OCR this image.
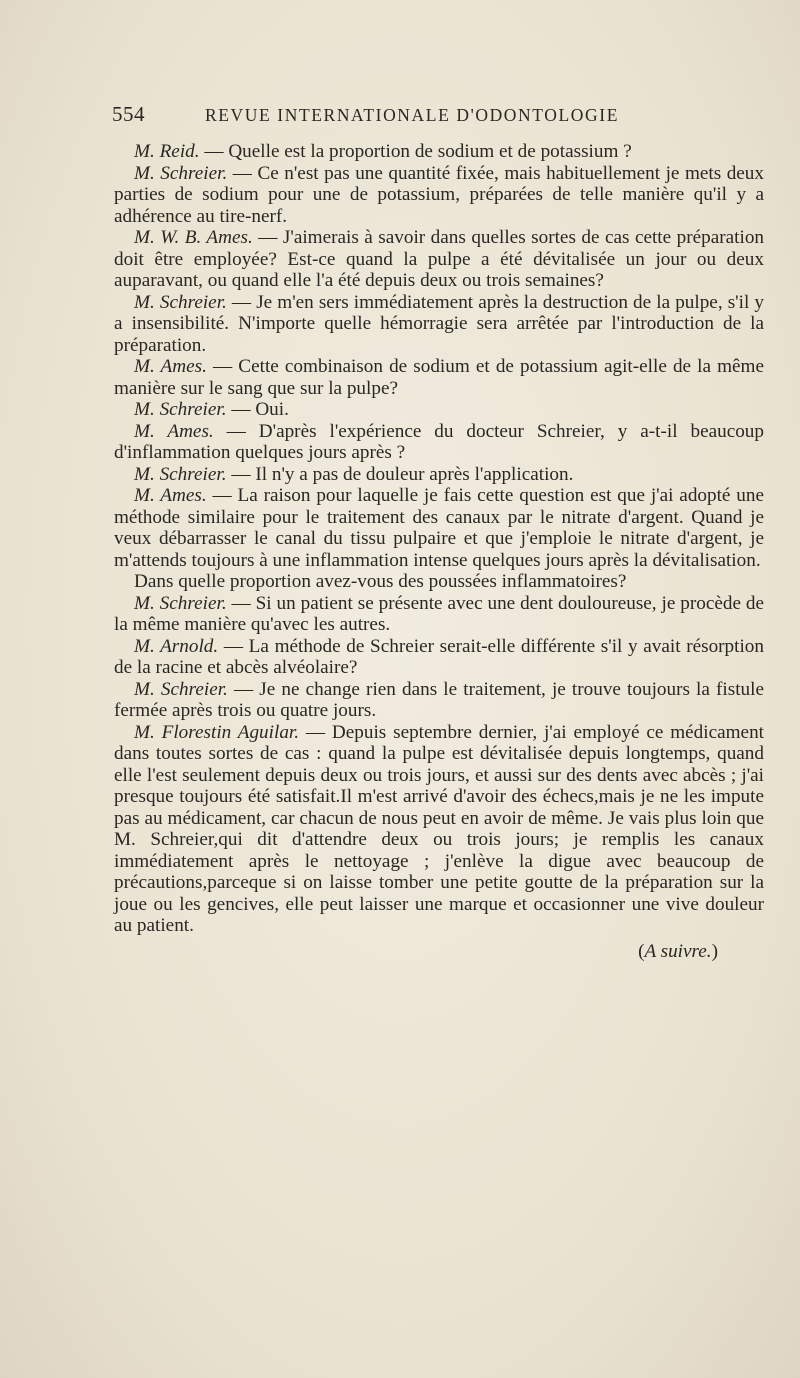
554	REVUE INTERNATIONALE D'ODONTOLOGIE

M. Reid. — Quelle est la proportion de sodium et de potassium ?

M. Schreier. — Ce n'est pas une quantité fixée, mais habituellement je mets deux parties de sodium pour une de potassium, préparées de telle manière qu'il y a adhérence au tire-nerf.

M. W. B. Ames. — J'aimerais à savoir dans quelles sortes de cas cette préparation doit être employée? Est-ce quand la pulpe a été dévitalisée un jour ou deux auparavant, ou quand elle l'a été depuis deux ou trois semaines?

M. Schreier. — Je m'en sers immédiatement après la destruction de la pulpe, s'il y a insensibilité. N'importe quelle hémorragie sera arrêtée par l'introduction de la préparation.

M. Ames. — Cette combinaison de sodium et de potassium agit-elle de la même manière sur le sang que sur la pulpe?

M. Schreier. — Oui.

M. Ames. — D'après l'expérience du docteur Schreier, y a-t-il beaucoup d'inflammation quelques jours après ?

M. Schreier. — Il n'y a pas de douleur après l'application.

M. Ames. — La raison pour laquelle je fais cette question est que j'ai adopté une méthode similaire pour le traitement des canaux par le nitrate d'argent. Quand je veux débarrasser le canal du tissu pulpaire et que j'emploie le nitrate d'argent, je m'attends toujours à une inflammation intense quelques jours après la dévitalisation.

Dans quelle proportion avez-vous des poussées inflammatoires?

M. Schreier. — Si un patient se présente avec une dent douloureuse, je procède de la même manière qu'avec les autres.

M. Arnold. — La méthode de Schreier serait-elle différente s'il y avait résorption de la racine et abcès alvéolaire?

M. Schreier. — Je ne change rien dans le traitement, je trouve toujours la fistule fermée après trois ou quatre jours.

M. Florestin Aguilar. — Depuis septembre dernier, j'ai employé ce médicament dans toutes sortes de cas : quand la pulpe est dévitalisée depuis longtemps, quand elle l'est seulement depuis deux ou trois jours, et aussi sur des dents avec abcès ; j'ai presque toujours été satisfait.Il m'est arrivé d'avoir des échecs,mais je ne les impute pas au médicament, car chacun de nous peut en avoir de même. Je vais plus loin que M. Schreier,qui dit d'attendre deux ou trois jours; je remplis les canaux immédiatement après le nettoyage ; j'enlève la digue avec beaucoup de précautions,parceque si on laisse tomber une petite goutte de la préparation sur la joue ou les gencives, elle peut laisser une marque et occasionner une vive douleur au patient.

(A suivre.)
